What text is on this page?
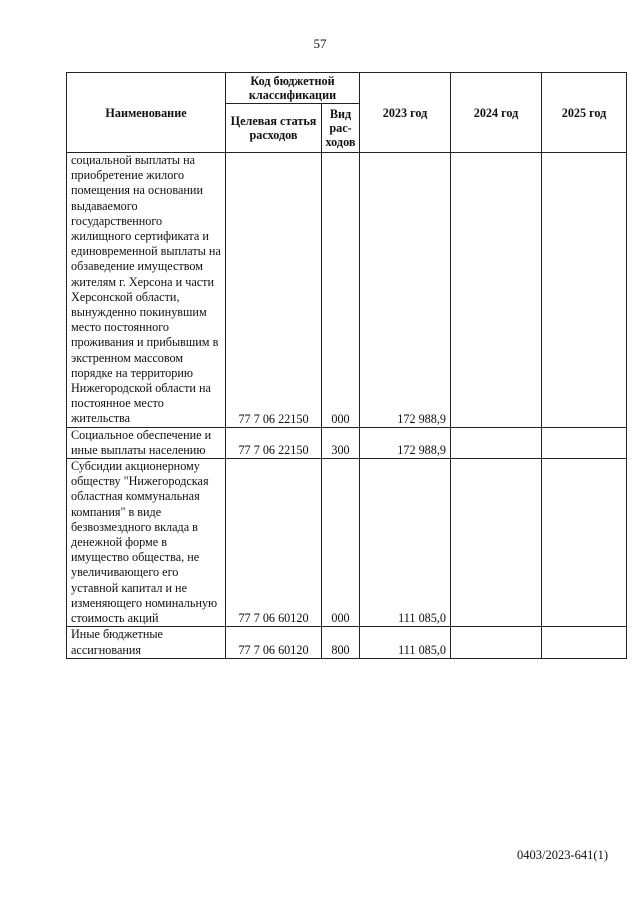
57
Наименование	Код бюджетной классификации		2023 год	2024 год	2025 год
	Целевая статья расходов	Вид рас-ходов			
социальной выплаты на приобретение жилого помещения на основании выдаваемого государственного жилищного сертификата и единовременной выплаты на обзаведение имуществом жителям г. Херсона и части Херсонской области, вынужденно покинувшим место постоянного проживания и прибывшим в экстренном массовом порядке на территорию Нижегородской области на постоянное место жительства	77 7 06 22150	000	172 988,9		
Социальное обеспечение и иные выплаты населению	77 7 06 22150	300	172 988,9		
Субсидии акционерному обществу "Нижегородская областная коммунальная компания" в виде безвозмездного вклада в денежной форме в имущество общества, не увеличивающего его уставной капитал и не изменяющего номинальную стоимость акций	77 7 06 60120	000	111 085,0		
Иные бюджетные ассигнования	77 7 06 60120	800	111 085,0		
0403/2023-641(1)
